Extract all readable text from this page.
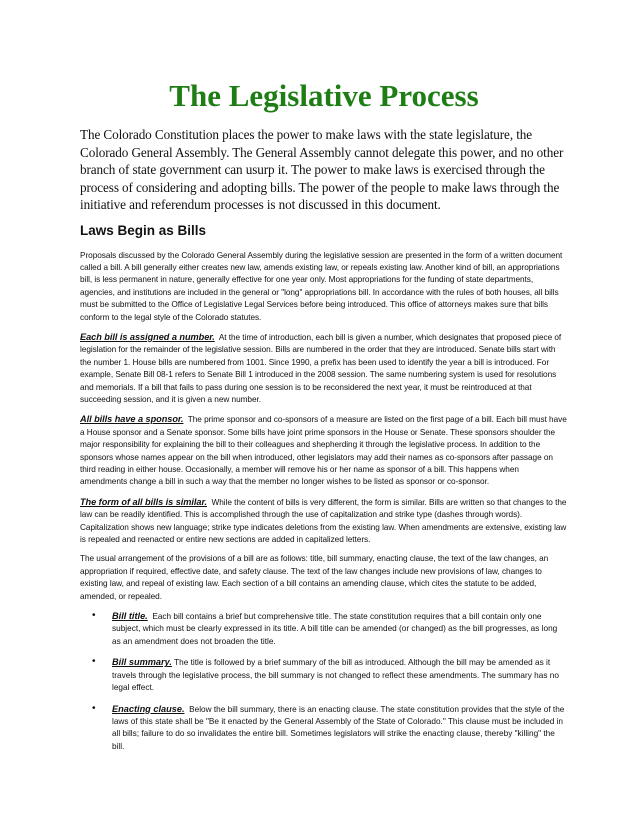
The Legislative Process

The Colorado Constitution places the power to make laws with the state legislature, the Colorado General Assembly. The General Assembly cannot delegate this power, and no other branch of state government can usurp it. The power to make laws is exercised through the process of considering and adopting bills. The power of the people to make laws through the initiative and referendum processes is not discussed in this document.

Laws Begin as Bills

Proposals discussed by the Colorado General Assembly during the legislative session are presented in the form of a written document called a bill. A bill generally either creates new law, amends existing law, or repeals existing law. Another kind of bill, an appropriations bill, is less permanent in nature, generally effective for one year only. Most appropriations for the funding of state departments, agencies, and institutions are included in the general or "long" appropriations bill. In accordance with the rules of both houses, all bills must be submitted to the Office of Legislative Legal Services before being introduced. This office of attorneys makes sure that bills conform to the legal style of the Colorado statutes.

Each bill is assigned a number. At the time of introduction, each bill is given a number, which designates that proposed piece of legislation for the remainder of the legislative session. Bills are numbered in the order that they are introduced. Senate bills start with the number 1. House bills are numbered from 1001. Since 1990, a prefix has been used to identify the year a bill is introduced. For example, Senate Bill 08-1 refers to Senate Bill 1 introduced in the 2008 session. The same numbering system is used for resolutions and memorials. If a bill that fails to pass during one session is to be reconsidered the next year, it must be reintroduced at that succeeding session, and it is given a new number.

All bills have a sponsor. The prime sponsor and co-sponsors of a measure are listed on the first page of a bill. Each bill must have a House sponsor and a Senate sponsor. Some bills have joint prime sponsors in the House or Senate. These sponsors shoulder the major responsibility for explaining the bill to their colleagues and shepherding it through the legislative process. In addition to the sponsors whose names appear on the bill when introduced, other legislators may add their names as co-sponsors after passage on third reading in either house. Occasionally, a member will remove his or her name as sponsor of a bill. This happens when amendments change a bill in such a way that the member no longer wishes to be listed as sponsor or co-sponsor.

The form of all bills is similar. While the content of bills is very different, the form is similar. Bills are written so that changes to the law can be readily identified. This is accomplished through the use of capitalization and strike type (dashes through words). Capitalization shows new language; strike type indicates deletions from the existing law. When amendments are extensive, existing law is repealed and reenacted or entire new sections are added in capitalized letters.

The usual arrangement of the provisions of a bill are as follows: title, bill summary, enacting clause, the text of the law changes, an appropriation if required, effective date, and safety clause. The text of the law changes include new provisions of law, changes to existing law, and repeal of existing law. Each section of a bill contains an amending clause, which cites the statute to be added, amended, or repealed.

• Bill title. Each bill contains a brief but comprehensive title. The state constitution requires that a bill contain only one subject, which must be clearly expressed in its title. A bill title can be amended (or changed) as the bill progresses, as long as an amendment does not broaden the title.
• Bill summary. The title is followed by a brief summary of the bill as introduced. Although the bill may be amended as it travels through the legislative process, the bill summary is not changed to reflect these amendments. The summary has no legal effect.
• Enacting clause. Below the bill summary, there is an enacting clause. The state constitution provides that the style of the laws of this state shall be "Be it enacted by the General Assembly of the State of Colorado." This clause must be included in all bills; failure to do so invalidates the entire bill. Sometimes legislators will strike the enacting clause, thereby "killing" the bill.
